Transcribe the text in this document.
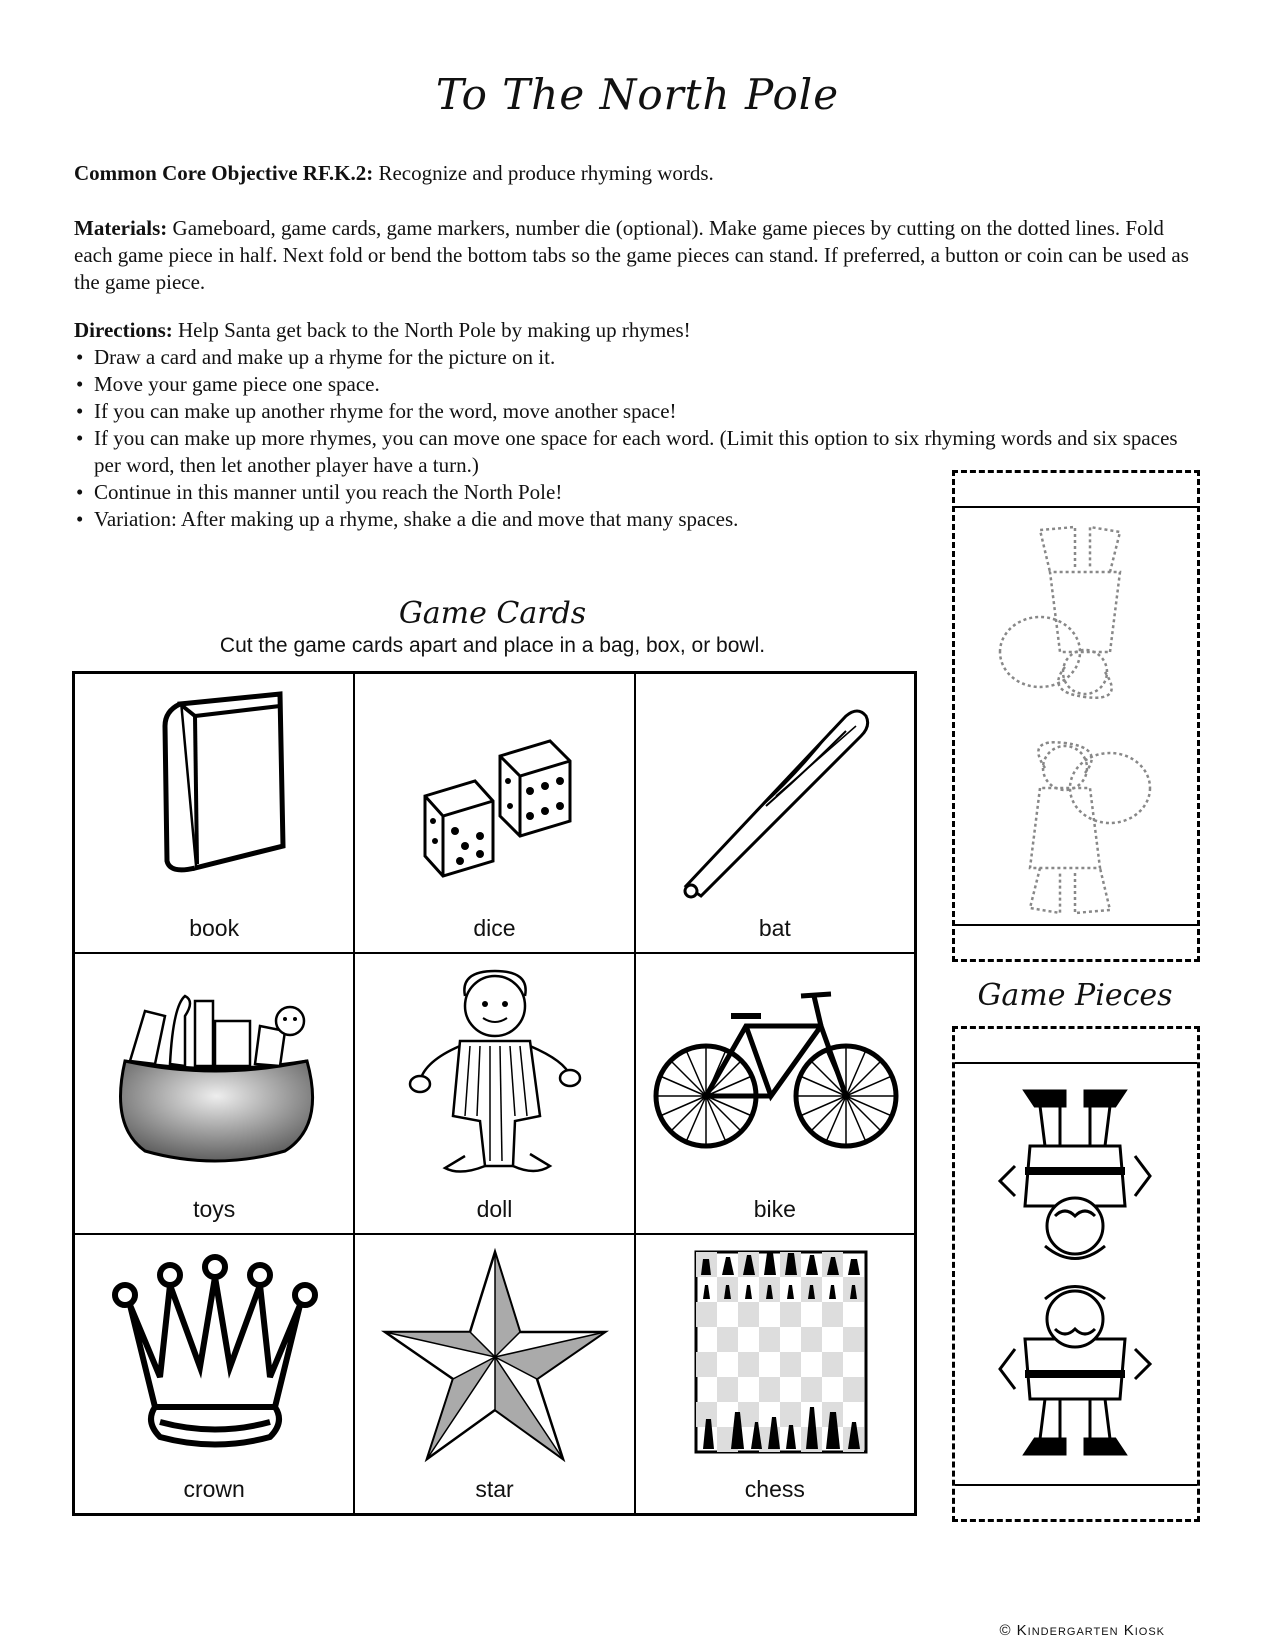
To The North Pole

Common Core Objective RF.K.2: Recognize and produce rhyming words.

Materials: Gameboard, game cards, game markers, number die (optional). Make game pieces by cutting on the dotted lines. Fold each game piece in half. Next fold or bend the bottom tabs so the game pieces can stand. If preferred, a button or coin can be used as the game piece.

Directions: Help Santa get back to the North Pole by making up rhymes!

• Draw a card and make up a rhyme for the picture on it.
• Move your game piece one space.
• If you can make up another rhyme for the word, move another space!
• If you can make up more rhymes, you can move one space for each word. (Limit this option to six rhyming words and six spaces per word, then let another player have a turn.)
• Continue in this manner until you reach the North Pole!
• Variation: After making up a rhyme, shake a die and move that many spaces.
Game Cards
Cut the game cards apart and place in a bag, box, or bowl.
book	dice	bat
toys	doll	bike
crown	star	chess
Game Pieces
© Kindergarten Kiosk
